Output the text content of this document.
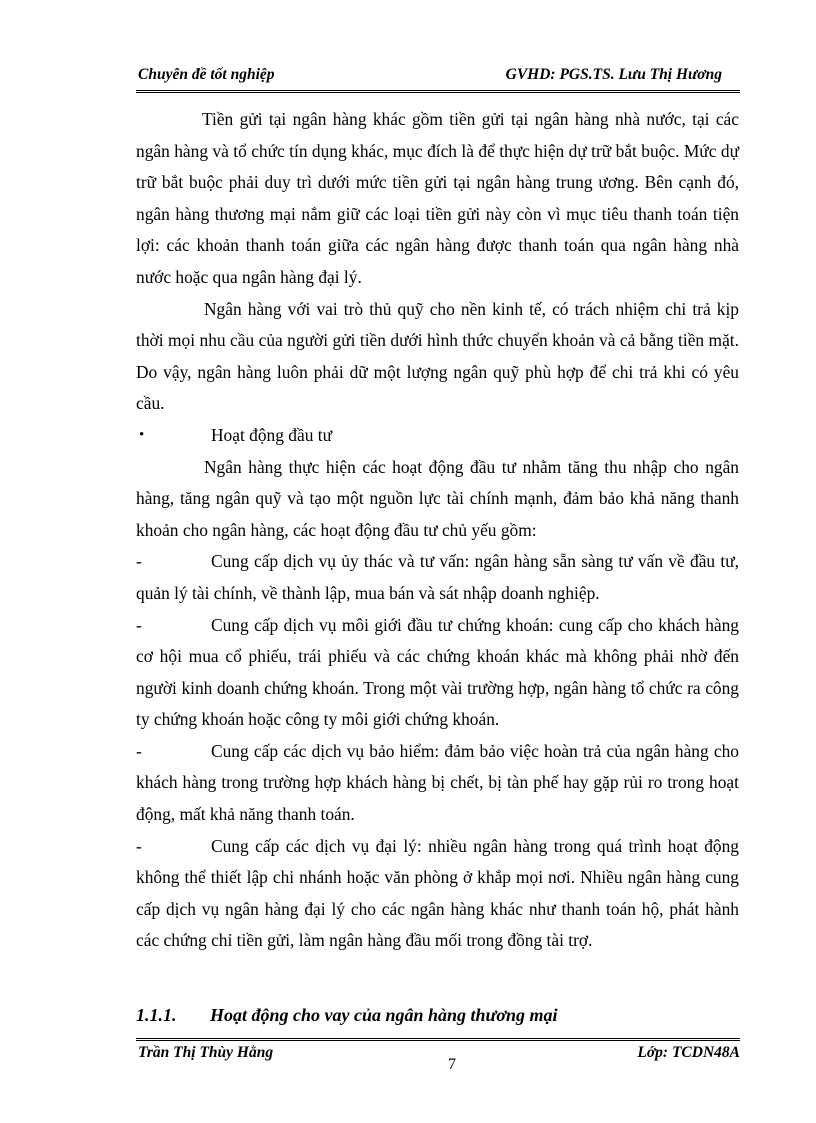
Chuyên đề tốt nghiệp	GVHD: PGS.TS. Lưu Thị Hương

Tiền gửi tại ngân hàng khác gồm tiền gửi tại ngân hàng nhà nước, tại các ngân hàng và tổ chức tín dụng khác, mục đích là để thực hiện dự trữ bắt buộc. Mức dự trữ bắt buộc phải duy trì dưới mức tiền gửi tại ngân hàng trung ương. Bên cạnh đó, ngân hàng thương mại nắm giữ các loại tiền gửi này còn vì mục tiêu thanh toán tiện lợi: các khoản thanh toán giữa các ngân hàng được thanh toán qua ngân hàng nhà nước hoặc qua ngân hàng đại lý.

Ngân hàng với vai trò thủ quỹ cho nền kinh tế, có trách nhiệm chi trả kịp thời mọi nhu cầu của người gửi tiền dưới hình thức chuyển khoản và cả bằng tiền mặt. Do vậy, ngân hàng luôn phải dữ một lượng ngân quỹ phù hợp để chi trả khi có yêu cầu.

•	Hoạt động đầu tư

Ngân hàng thực hiện các hoạt động đầu tư nhằm tăng thu nhập cho ngân hàng, tăng ngân quỹ và tạo một nguồn lực tài chính mạnh, đảm bảo khả năng thanh khoản cho ngân hàng, các hoạt động đầu tư chủ yếu gồm:

-	Cung cấp dịch vụ ủy thác và tư vấn: ngân hàng sẵn sàng tư vấn về đầu tư, quản lý tài chính, về thành lập, mua bán và sát nhập doanh nghiệp.

-	Cung cấp dịch vụ môi giới đầu tư chứng khoán: cung cấp cho khách hàng cơ hội mua cổ phiếu, trái phiếu và các chứng khoán khác mà không phải nhờ đến người kinh doanh chứng khoán. Trong một vài trường hợp, ngân hàng tổ chức ra công ty chứng khoán hoặc công ty môi giới chứng khoán.

-	Cung cấp các dịch vụ bảo hiểm: đảm bảo việc hoàn trả của ngân hàng cho khách hàng trong trường hợp khách hàng bị chết, bị tàn phế hay gặp rủi ro trong hoạt động, mất khả năng thanh toán.

-	Cung cấp các dịch vụ đại lý: nhiều ngân hàng trong quá trình hoạt động không thể thiết lập chi nhánh hoặc văn phòng ở khắp mọi nơi. Nhiều ngân hàng cung cấp dịch vụ ngân hàng đại lý cho các ngân hàng khác như thanh toán hộ, phát hành các chứng chỉ tiền gửi, làm ngân hàng đầu mối trong đồng tài trợ.

1.1.1. Hoạt động cho vay của ngân hàng thương mại
Trần Thị Thùy Hằng
7
Lớp: TCDN48A
